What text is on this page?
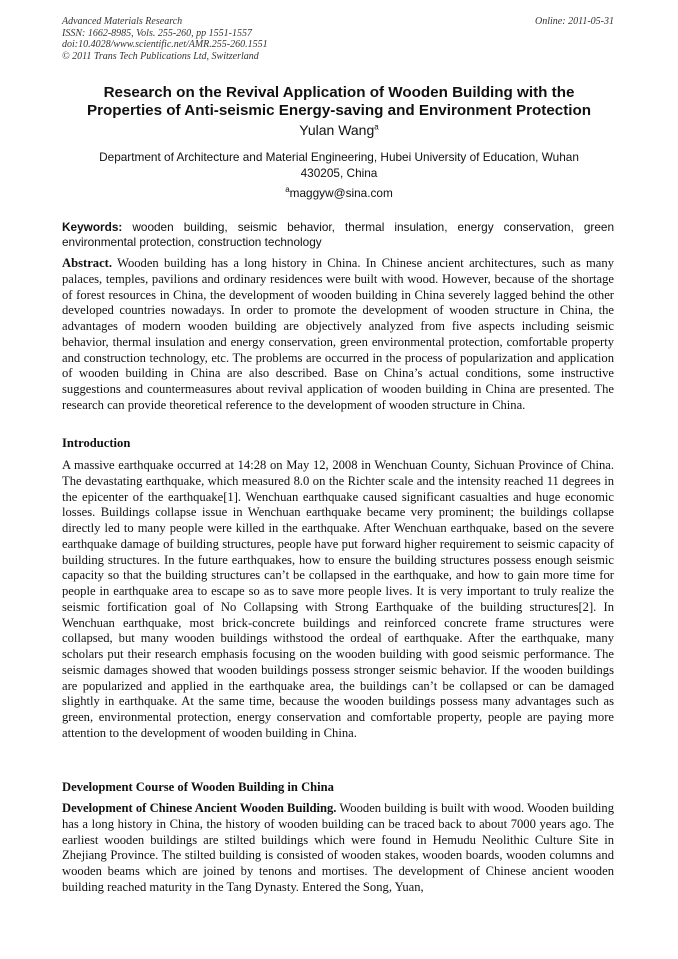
Advanced Materials Research
ISSN: 1662-8985, Vols. 255-260, pp 1551-1557
doi:10.4028/www.scientific.net/AMR.255-260.1551
© 2011 Trans Tech Publications Ltd, Switzerland
Online: 2011-05-31
Research on the Revival Application of Wooden Building with the
Properties of Anti-seismic Energy-saving and Environment Protection
Yulan Wang$^a$
Department of Architecture and Material Engineering, Hubei University of Education, Wuhan
430205, China
$^a$maggyw@sina.com
Keywords: wooden building, seismic behavior, thermal insulation, energy conservation, green environmental protection, construction technology
Abstract. Wooden building has a long history in China. In Chinese ancient architectures, such as many palaces, temples, pavilions and ordinary residences were built with wood. However, because of the shortage of forest resources in China, the development of wooden building in China severely lagged behind the other developed countries nowadays. In order to promote the development of wooden structure in China, the advantages of modern wooden building are objectively analyzed from five aspects including seismic behavior, thermal insulation and energy conservation, green environmental protection, comfortable property and construction technology, etc. The problems are occurred in the process of popularization and application of wooden building in China are also described. Base on China’s actual conditions, some instructive suggestions and countermeasures about revival application of wooden building in China are presented. The research can provide theoretical reference to the development of wooden structure in China.
Introduction
A massive earthquake occurred at 14:28 on May 12, 2008 in Wenchuan County, Sichuan Province of China. The devastating earthquake, which measured 8.0 on the Richter scale and the intensity reached 11 degrees in the epicenter of the earthquake[1]. Wenchuan earthquake caused significant casualties and huge economic losses. Buildings collapse issue in Wenchuan earthquake became very prominent; the buildings collapse directly led to many people were killed in the earthquake. After Wenchuan earthquake, based on the severe earthquake damage of building structures, people have put forward higher requirement to seismic capacity of building structures. In the future earthquakes, how to ensure the building structures possess enough seismic capacity so that the building structures can’t be collapsed in the earthquake, and how to gain more time for people in earthquake area to escape so as to save more people lives. It is very important to truly realize the seismic fortification goal of No Collapsing with Strong Earthquake of the building structures[2]. In Wenchuan earthquake, most brick-concrete buildings and reinforced concrete frame structures were collapsed, but many wooden buildings withstood the ordeal of earthquake. After the earthquake, many scholars put their research emphasis focusing on the wooden building with good seismic performance. The seismic damages showed that wooden buildings possess stronger seismic behavior. If the wooden buildings are popularized and applied in the earthquake area, the buildings can’t be collapsed or can be damaged slightly in earthquake. At the same time, because the wooden buildings possess many advantages such as green, environmental protection, energy conservation and comfortable property, people are paying more attention to the development of wooden building in China.
Development Course of Wooden Building in China
Development of Chinese Ancient Wooden Building. Wooden building is built with wood. Wooden building has a long history in China, the history of wooden building can be traced back to about 7000 years ago. The earliest wooden buildings are stilted buildings which were found in Hemudu Neolithic Culture Site in Zhejiang Province. The stilted building is consisted of wooden stakes, wooden boards, wooden columns and wooden beams which are joined by tenons and mortises. The development of Chinese ancient wooden building reached maturity in the Tang Dynasty. Entered the Song, Yuan,
